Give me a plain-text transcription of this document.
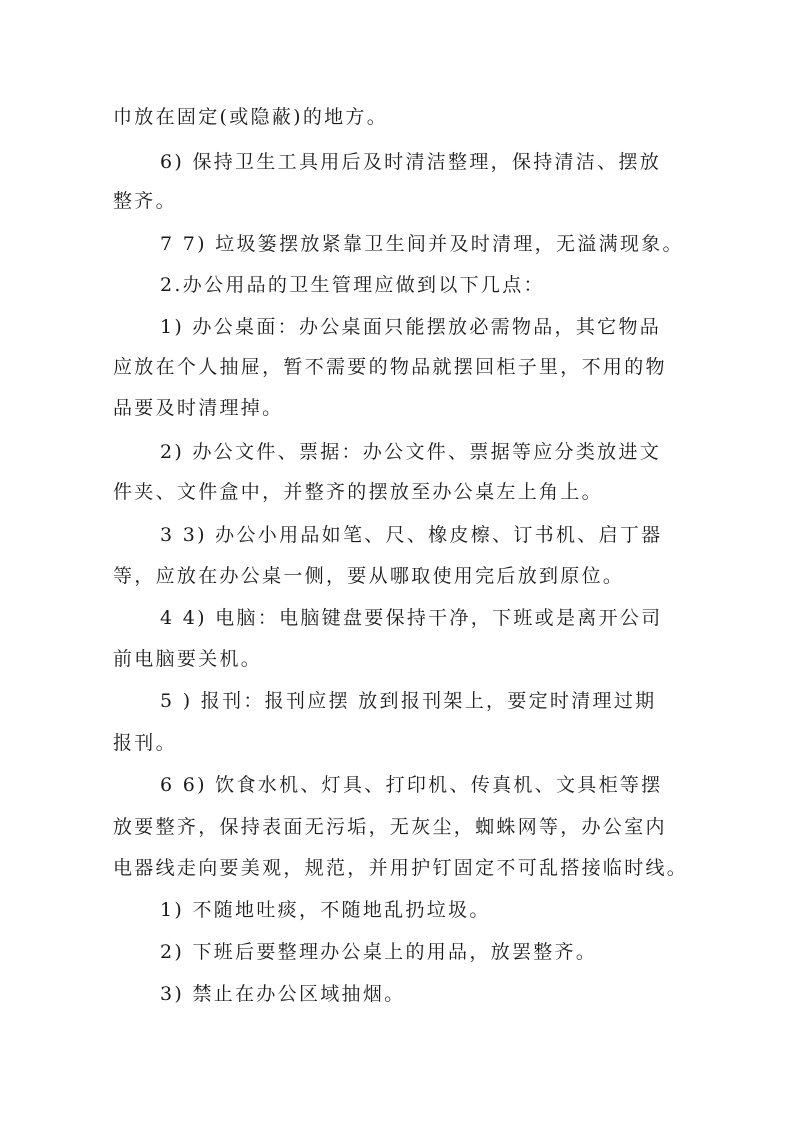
巾放在固定(或隐蔽)的地方。
6) 保持卫生工具用后及时清洁整理，保持清洁、摆放
整齐。
7 7) 垃圾篓摆放紧靠卫生间并及时清理，无溢满现象。
2.办公用品的卫生管理应做到以下几点：
1) 办公桌面：办公桌面只能摆放必需物品，其它物品
应放在个人抽屉，暂不需要的物品就摆回柜子里，不用的物
品要及时清理掉。
2) 办公文件、票据：办公文件、票据等应分类放进文
件夹、文件盒中，并整齐的摆放至办公桌左上角上。
3 3) 办公小用品如笔、尺、橡皮檫、订书机、启丁器
等，应放在办公桌一侧，要从哪取使用完后放到原位。
4 4) 电脑：电脑键盘要保持干净，下班或是离开公司
前电脑要关机。
5 ) 报刊：报刊应摆 放到报刊架上，要定时清理过期
报刊。
6 6) 饮食水机、灯具、打印机、传真机、文具柜等摆
放要整齐，保持表面无污垢，无灰尘，蜘蛛网等，办公室内
电器线走向要美观，规范，并用护钉固定不可乱搭接临时线。
1) 不随地吐痰，不随地乱扔垃圾。
2) 下班后要整理办公桌上的用品，放罢整齐。
3) 禁止在办公区域抽烟。
